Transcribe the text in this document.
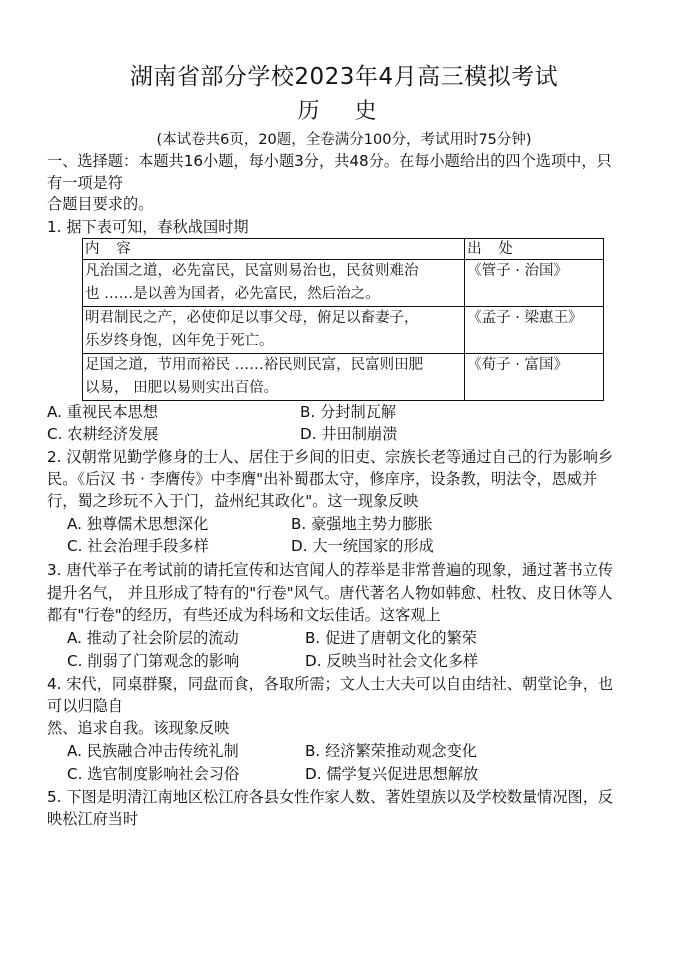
湖南省部分学校2023年4月高三模拟考试
历 史
(本试卷共6页，20题，全卷满分100分，考试用时75分钟)
一、选择题：本题共16小题，每小题3分，共48分。在每小题给出的四个选项中，只
有一项是符
合题目要求的。
1. 据下表可知，春秋战国时期
内 容	出 处

凡治国之道，必先富民，民富则易治也，民贫则难治
也 ……是以善为国者，必先富民，然后治之。	《管子 · 治国》

明君制民之产，必使仰足以事父母，俯足以畜妻子，
乐岁终身饱，凶年免于死亡。	《孟子 · 梁惠王》

足国之道，节用而裕民 ……裕民则民富，民富则田肥
以易， 田肥以易则实出百倍。	《荀子 · 富国》
A. 重视民本思想	B. 分封制瓦解
C. 农耕经济发展	D. 井田制崩溃
2. 汉朝常见勤学修身的士人、居住于乡间的旧吏、宗族长老等通过自己的行为影响乡
民。《后汉 书 · 李膺传》中李膺"出补蜀郡太守，修庠序，设条教，明法令，恩威并
行，蜀之珍玩不入于门，益州纪其政化"。这一现象反映
A. 独尊儒术思想深化	B. 豪强地主势力膨胀
C. 社会治理手段多样	D. 大一统国家的形成
3. 唐代举子在考试前的请托宣传和达官闻人的荐举是非常普遍的现象，通过著书立传
提升名气， 并且形成了特有的"行卷"风气。唐代著名人物如韩愈、杜牧、皮日休等人
都有"行卷"的经历，有些还成为科场和文坛佳话。这客观上
A. 推动了社会阶层的流动	B. 促进了唐朝文化的繁荣
C. 削弱了门第观念的影响	D. 反映当时社会文化多样
4. 宋代，同桌群聚，同盘而食，各取所需；文人士大夫可以自由结社、朝堂论争，也
可以归隐自
然、追求自我。该现象反映
A. 民族融合冲击传统礼制	B. 经济繁荣推动观念变化
C. 选官制度影响社会习俗	D. 儒学复兴促进思想解放
5. 下图是明清江南地区松江府各县女性作家人数、著姓望族以及学校数量情况图，反
映松江府当时
